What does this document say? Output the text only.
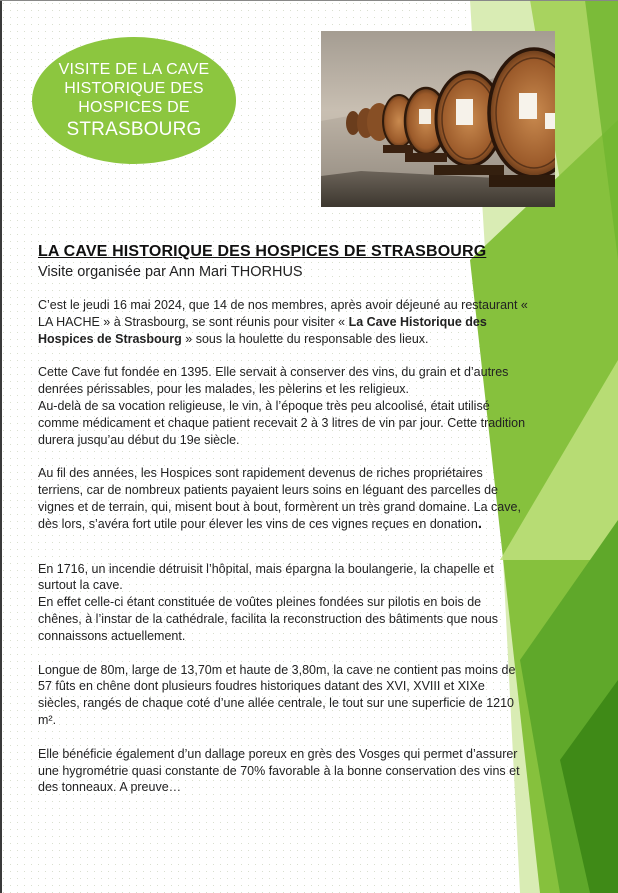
VISITE DE LA CAVE
HISTORIQUE DES
HOSPICES DE
STRASBOURG
LA CAVE HISTORIQUE DES HOSPICES DE STRASBOURG
Visite organisée par Ann Mari THORHUS

C’est le jeudi 16 mai 2024, que 14 de nos membres, après avoir déjeuné au restaurant « LA HACHE » à Strasbourg, se sont réunis pour visiter « La Cave Historique des Hospices de Strasbourg » sous la houlette du responsable des lieux.

Cette Cave fut fondée en 1395. Elle servait à conserver des vins, du grain et d’autres denrées périssables, pour les malades, les pèlerins et les religieux.
Au-delà de sa vocation religieuse, le vin, à l’époque très peu alcoolisé, était utilisé comme médicament et chaque patient recevait 2 à 3 litres de vin par jour. Cette tradition durera jusqu’au début du 19e siècle.

Au fil des années, les Hospices sont rapidement devenus de riches propriétaires terriens, car de nombreux patients payaient leurs soins en léguant des parcelles de vignes et de terrain, qui, misent bout à bout, formèrent un très grand domaine. La cave, dès lors, s’avéra fort utile pour élever les vins de ces vignes reçues en donation.

En 1716, un incendie détruisit l’hôpital, mais épargna la boulangerie, la chapelle et surtout la cave.
En effet celle-ci étant constituée de voûtes pleines fondées sur pilotis en bois de chênes, à l’instar de la cathédrale, facilita la reconstruction des bâtiments que nous connaissons actuellement.

Longue de 80m, large de 13,70m et haute de 3,80m, la cave ne contient pas moins de 57 fûts en chêne dont plusieurs foudres historiques datant des XVI, XVIII et XIXe siècles, rangés de chaque coté d’une allée centrale, le tout sur une superficie de 1210 m².

Elle bénéficie également d’un dallage poreux en grès des Vosges qui permet d’assurer une hygrométrie quasi constante de 70% favorable à la bonne conservation des vins et des tonneaux. A preuve…
